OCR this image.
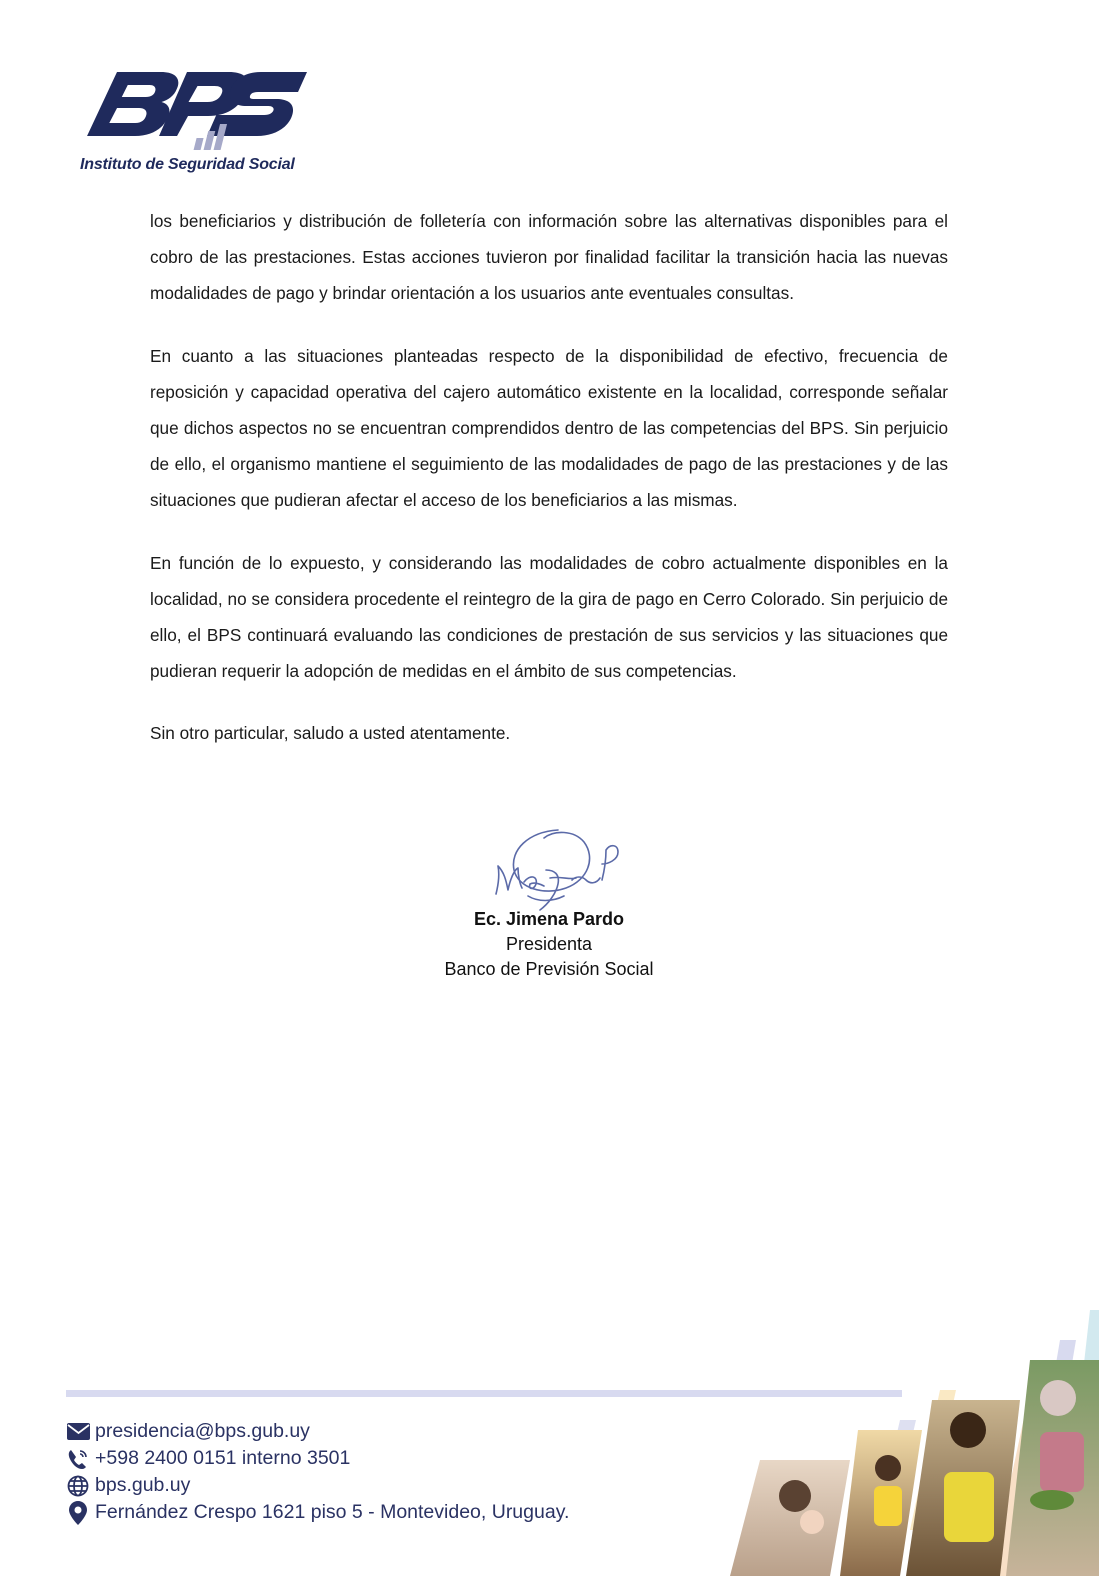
Instituto de Seguridad Social

los beneficiarios y distribución de folletería con información sobre las alternativas disponibles para el cobro de las prestaciones. Estas acciones tuvieron por finalidad facilitar la transición hacia las nuevas modalidades de pago y brindar orientación a los usuarios ante eventuales consultas.

En cuanto a las situaciones planteadas respecto de la disponibilidad de efectivo, frecuencia de reposición y capacidad operativa del cajero automático existente en la localidad, corresponde señalar que dichos aspectos no se encuentran comprendidos dentro de las competencias del BPS. Sin perjuicio de ello, el organismo mantiene el seguimiento de las modalidades de pago de las prestaciones y de las situaciones que pudieran afectar el acceso de los beneficiarios a las mismas.

En función de lo expuesto, y considerando las modalidades de cobro actualmente disponibles en la localidad, no se considera procedente el reintegro de la gira de pago en Cerro Colorado. Sin perjuicio de ello, el BPS continuará evaluando las condiciones de prestación de sus servicios y las situaciones que pudieran requerir la adopción de medidas en el ámbito de sus competencias.

Sin otro particular, saludo a usted atentamente.

Ec. Jimena Pardo
Presidenta
Banco de Previsión Social
presidencia@bps.gub.uy
+598 2400 0151 interno 3501
bps.gub.uy
Fernández Crespo 1621 piso 5 - Montevideo, Uruguay.
